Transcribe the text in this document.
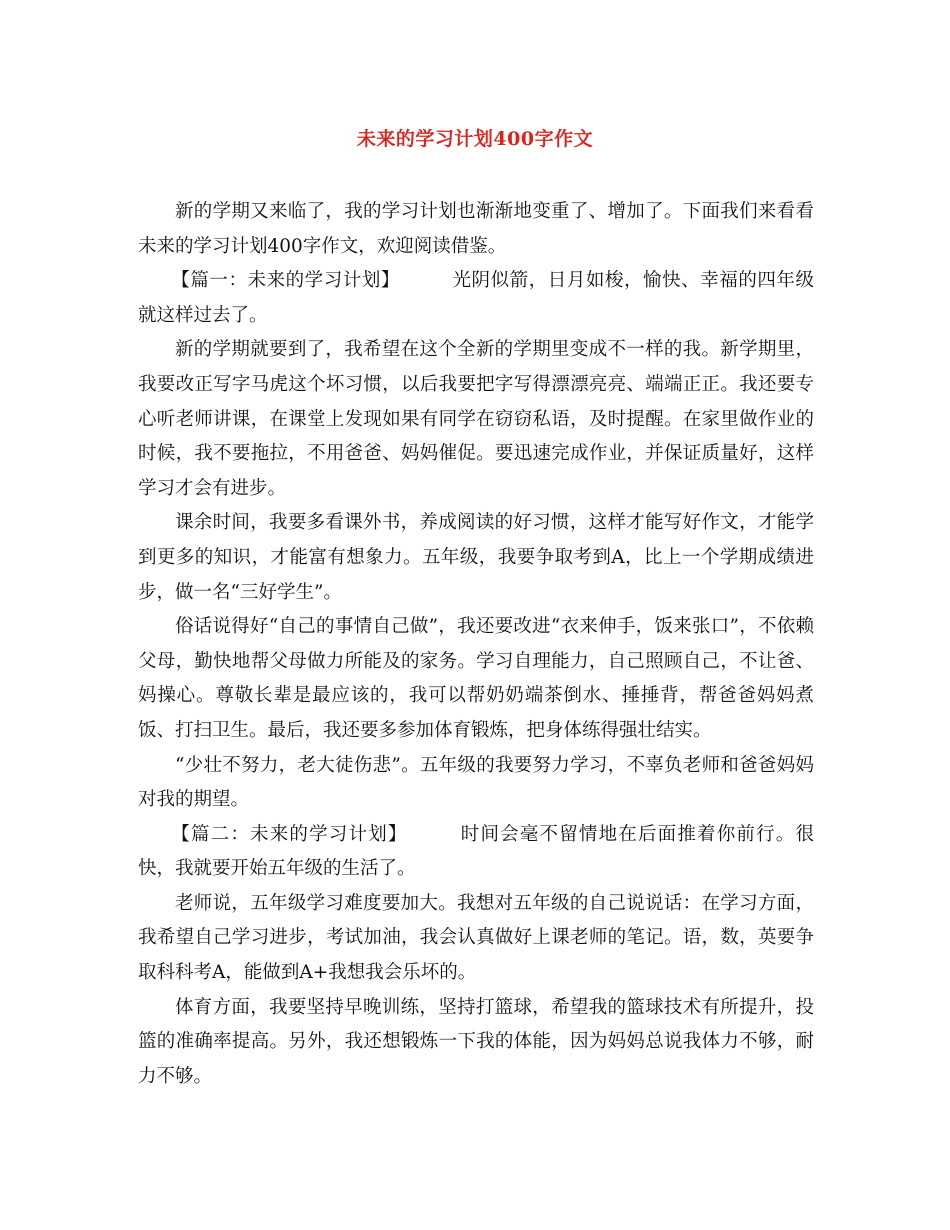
未来的学习计划400字作文

新的学期又来临了，我的学习计划也渐渐地变重了、增加了。下面我们来看看未来的学习计划400字作文，欢迎阅读借鉴。

【篇一：未来的学习计划】	光阴似箭，日月如梭，愉快、幸福的四年级就这样过去了。

新的学期就要到了，我希望在这个全新的学期里变成不一样的我。新学期里，我要改正写字马虎这个坏习惯，以后我要把字写得漂漂亮亮、端端正正。我还要专心听老师讲课，在课堂上发现如果有同学在窃窃私语，及时提醒。在家里做作业的时候，我不要拖拉，不用爸爸、妈妈催促。要迅速完成作业，并保证质量好，这样学习才会有进步。

课余时间，我要多看课外书，养成阅读的好习惯，这样才能写好作文，才能学到更多的知识，才能富有想象力。五年级，我要争取考到A，比上一个学期成绩进步，做一名“三好学生”。

俗话说得好“自己的事情自己做”，我还要改进“衣来伸手，饭来张口”，不依赖父母，勤快地帮父母做力所能及的家务。学习自理能力，自己照顾自己，不让爸、妈操心。尊敬长辈是最应该的，我可以帮奶奶端茶倒水、捶捶背，帮爸爸妈妈煮饭、打扫卫生。最后，我还要多参加体育锻炼，把身体练得强壮结实。

“少壮不努力，老大徒伤悲”。五年级的我要努力学习，不辜负老师和爸爸妈妈对我的期望。

【篇二：未来的学习计划】	时间会毫不留情地在后面推着你前行。很快，我就要开始五年级的生活了。

老师说，五年级学习难度要加大。我想对五年级的自己说说话：在学习方面，我希望自己学习进步，考试加油，我会认真做好上课老师的笔记。语，数，英要争取科科考A，能做到A+我想我会乐坏的。

体育方面，我要坚持早晚训练，坚持打篮球，希望我的篮球技术有所提升，投篮的准确率提高。另外，我还想锻炼一下我的体能，因为妈妈总说我体力不够，耐力不够。
